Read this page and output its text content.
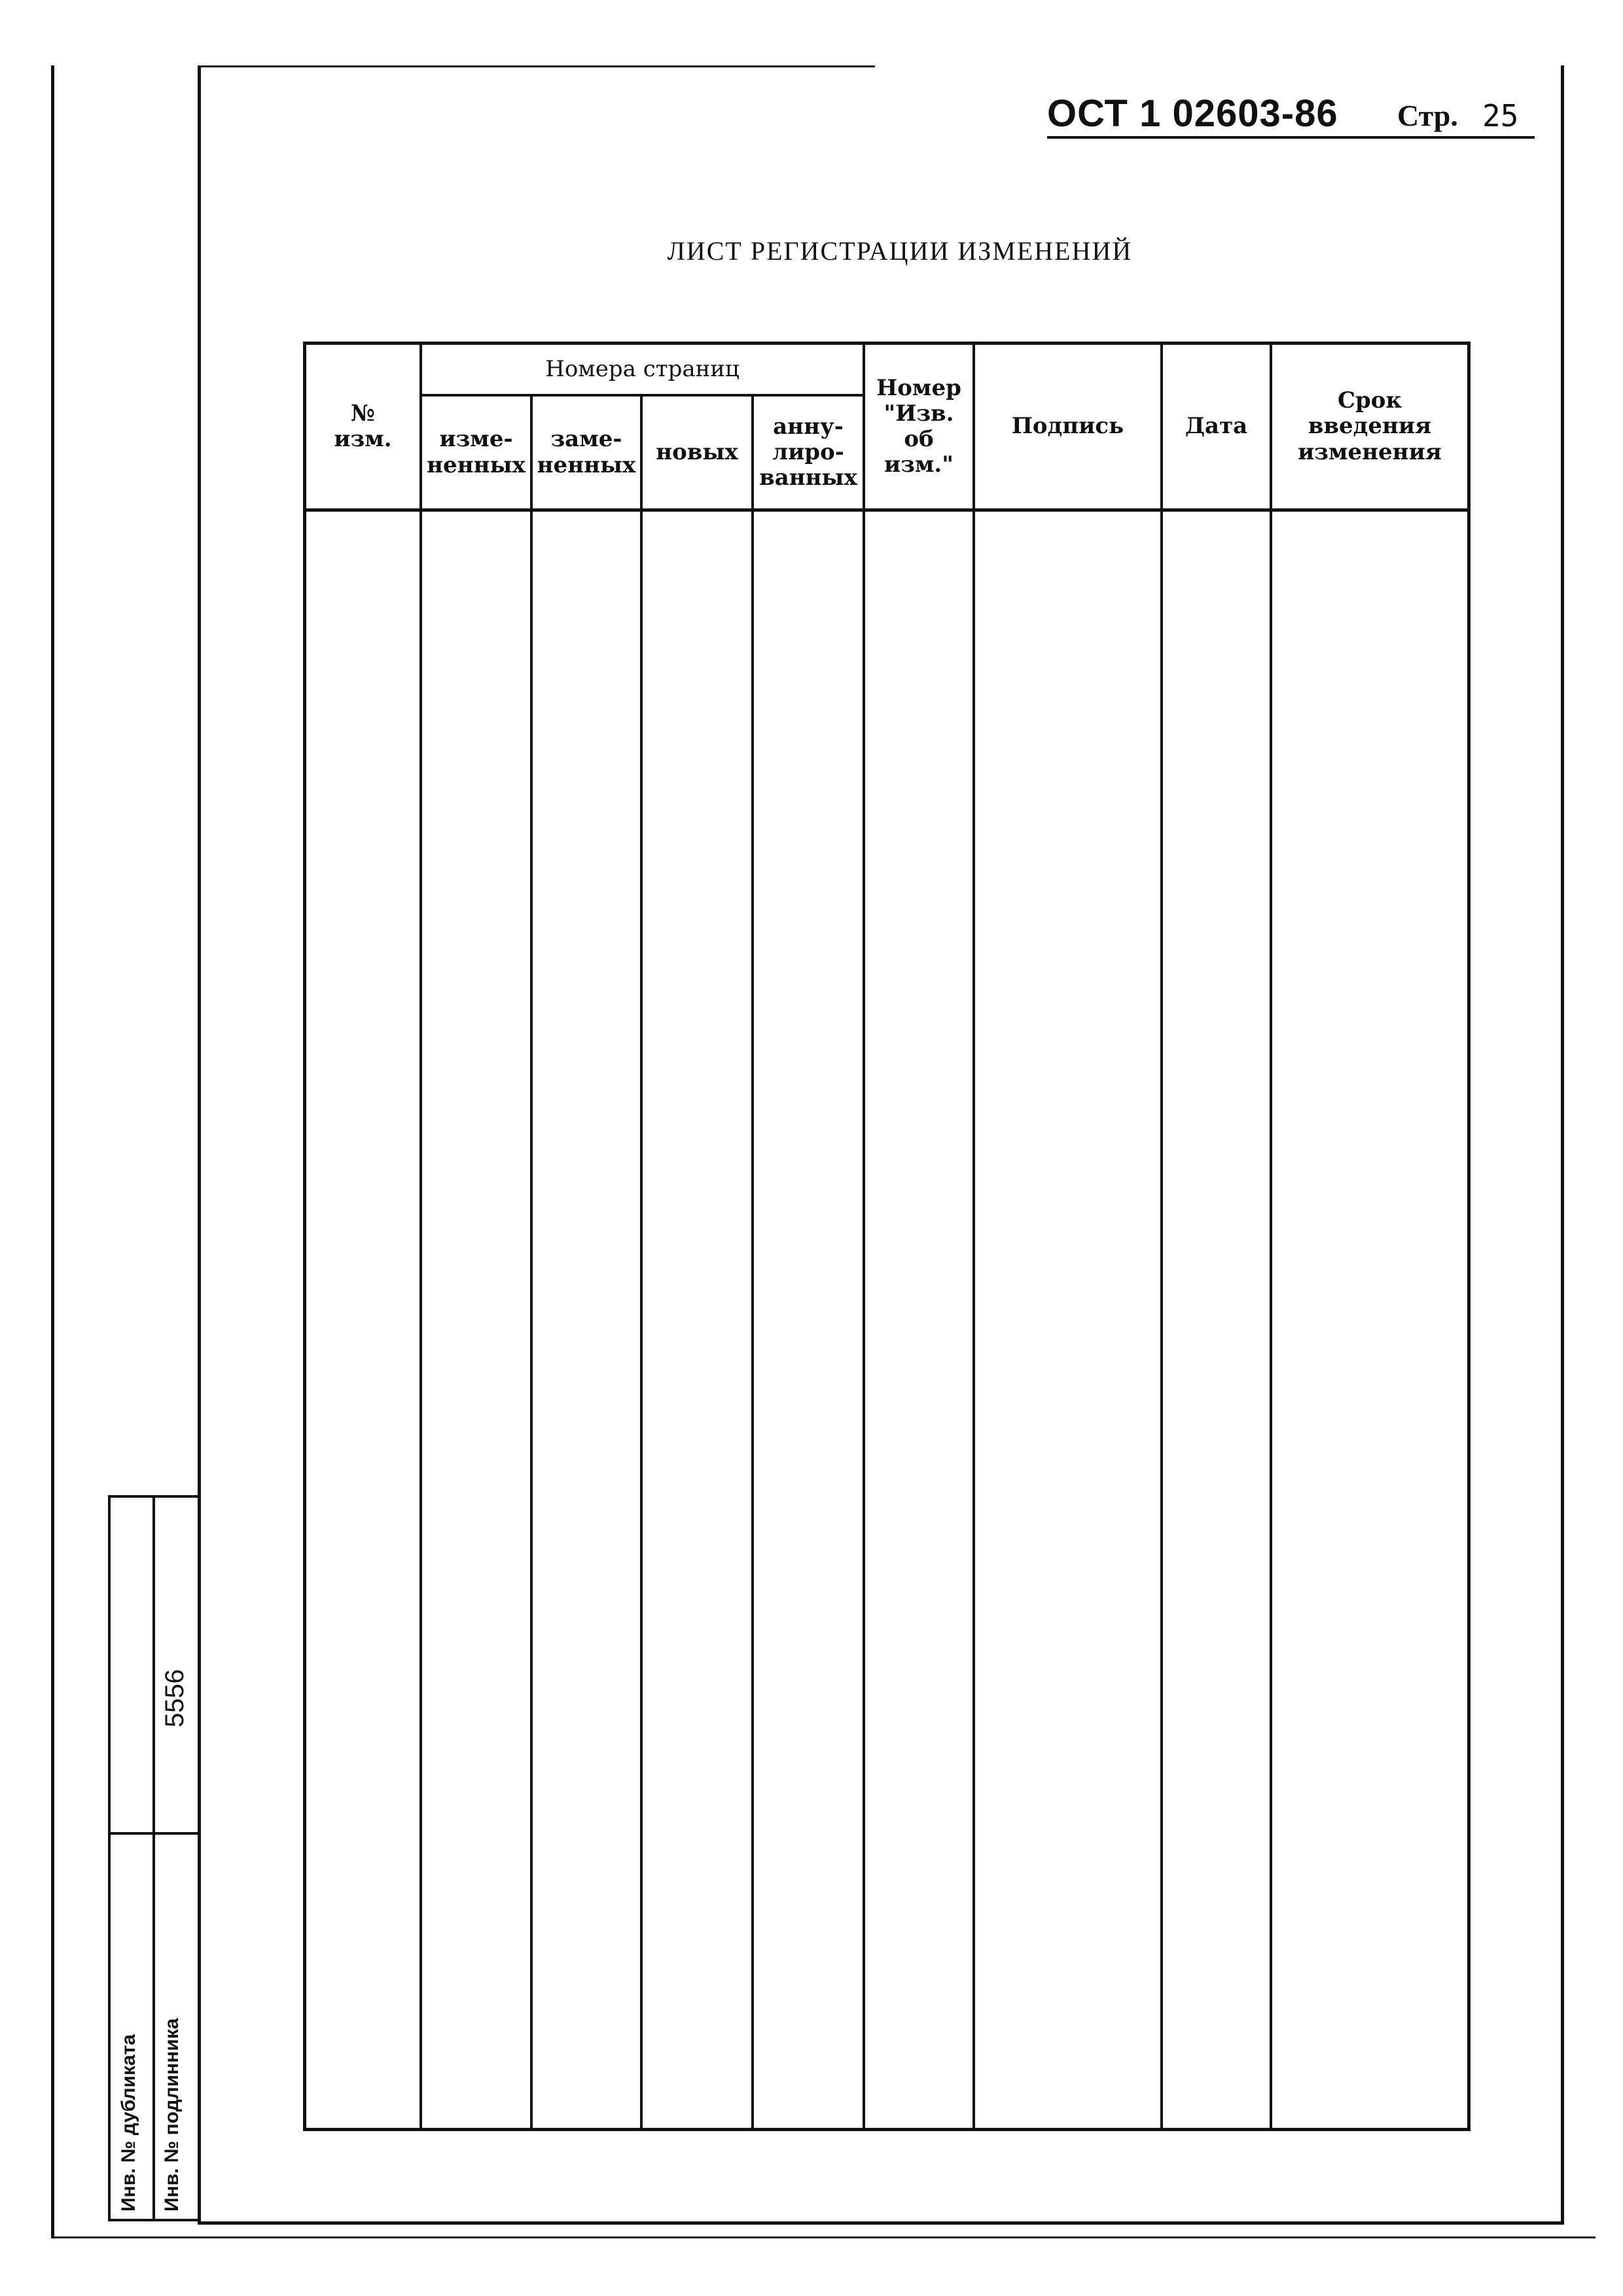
ОСТ 1 02603-86 Стр. 25
ЛИСТ РЕГИСТРАЦИИ ИЗМЕНЕНИЙ
№
изм.
Номера страниц
изме-
ненных
заме-
ненных новых
анну-
лиро-
ванных
Номер
"Изв.
об
изм."
Подпись	Дата
Срок
введения
изменения
Инв. № дубликата Инв. № подлинника
5556
